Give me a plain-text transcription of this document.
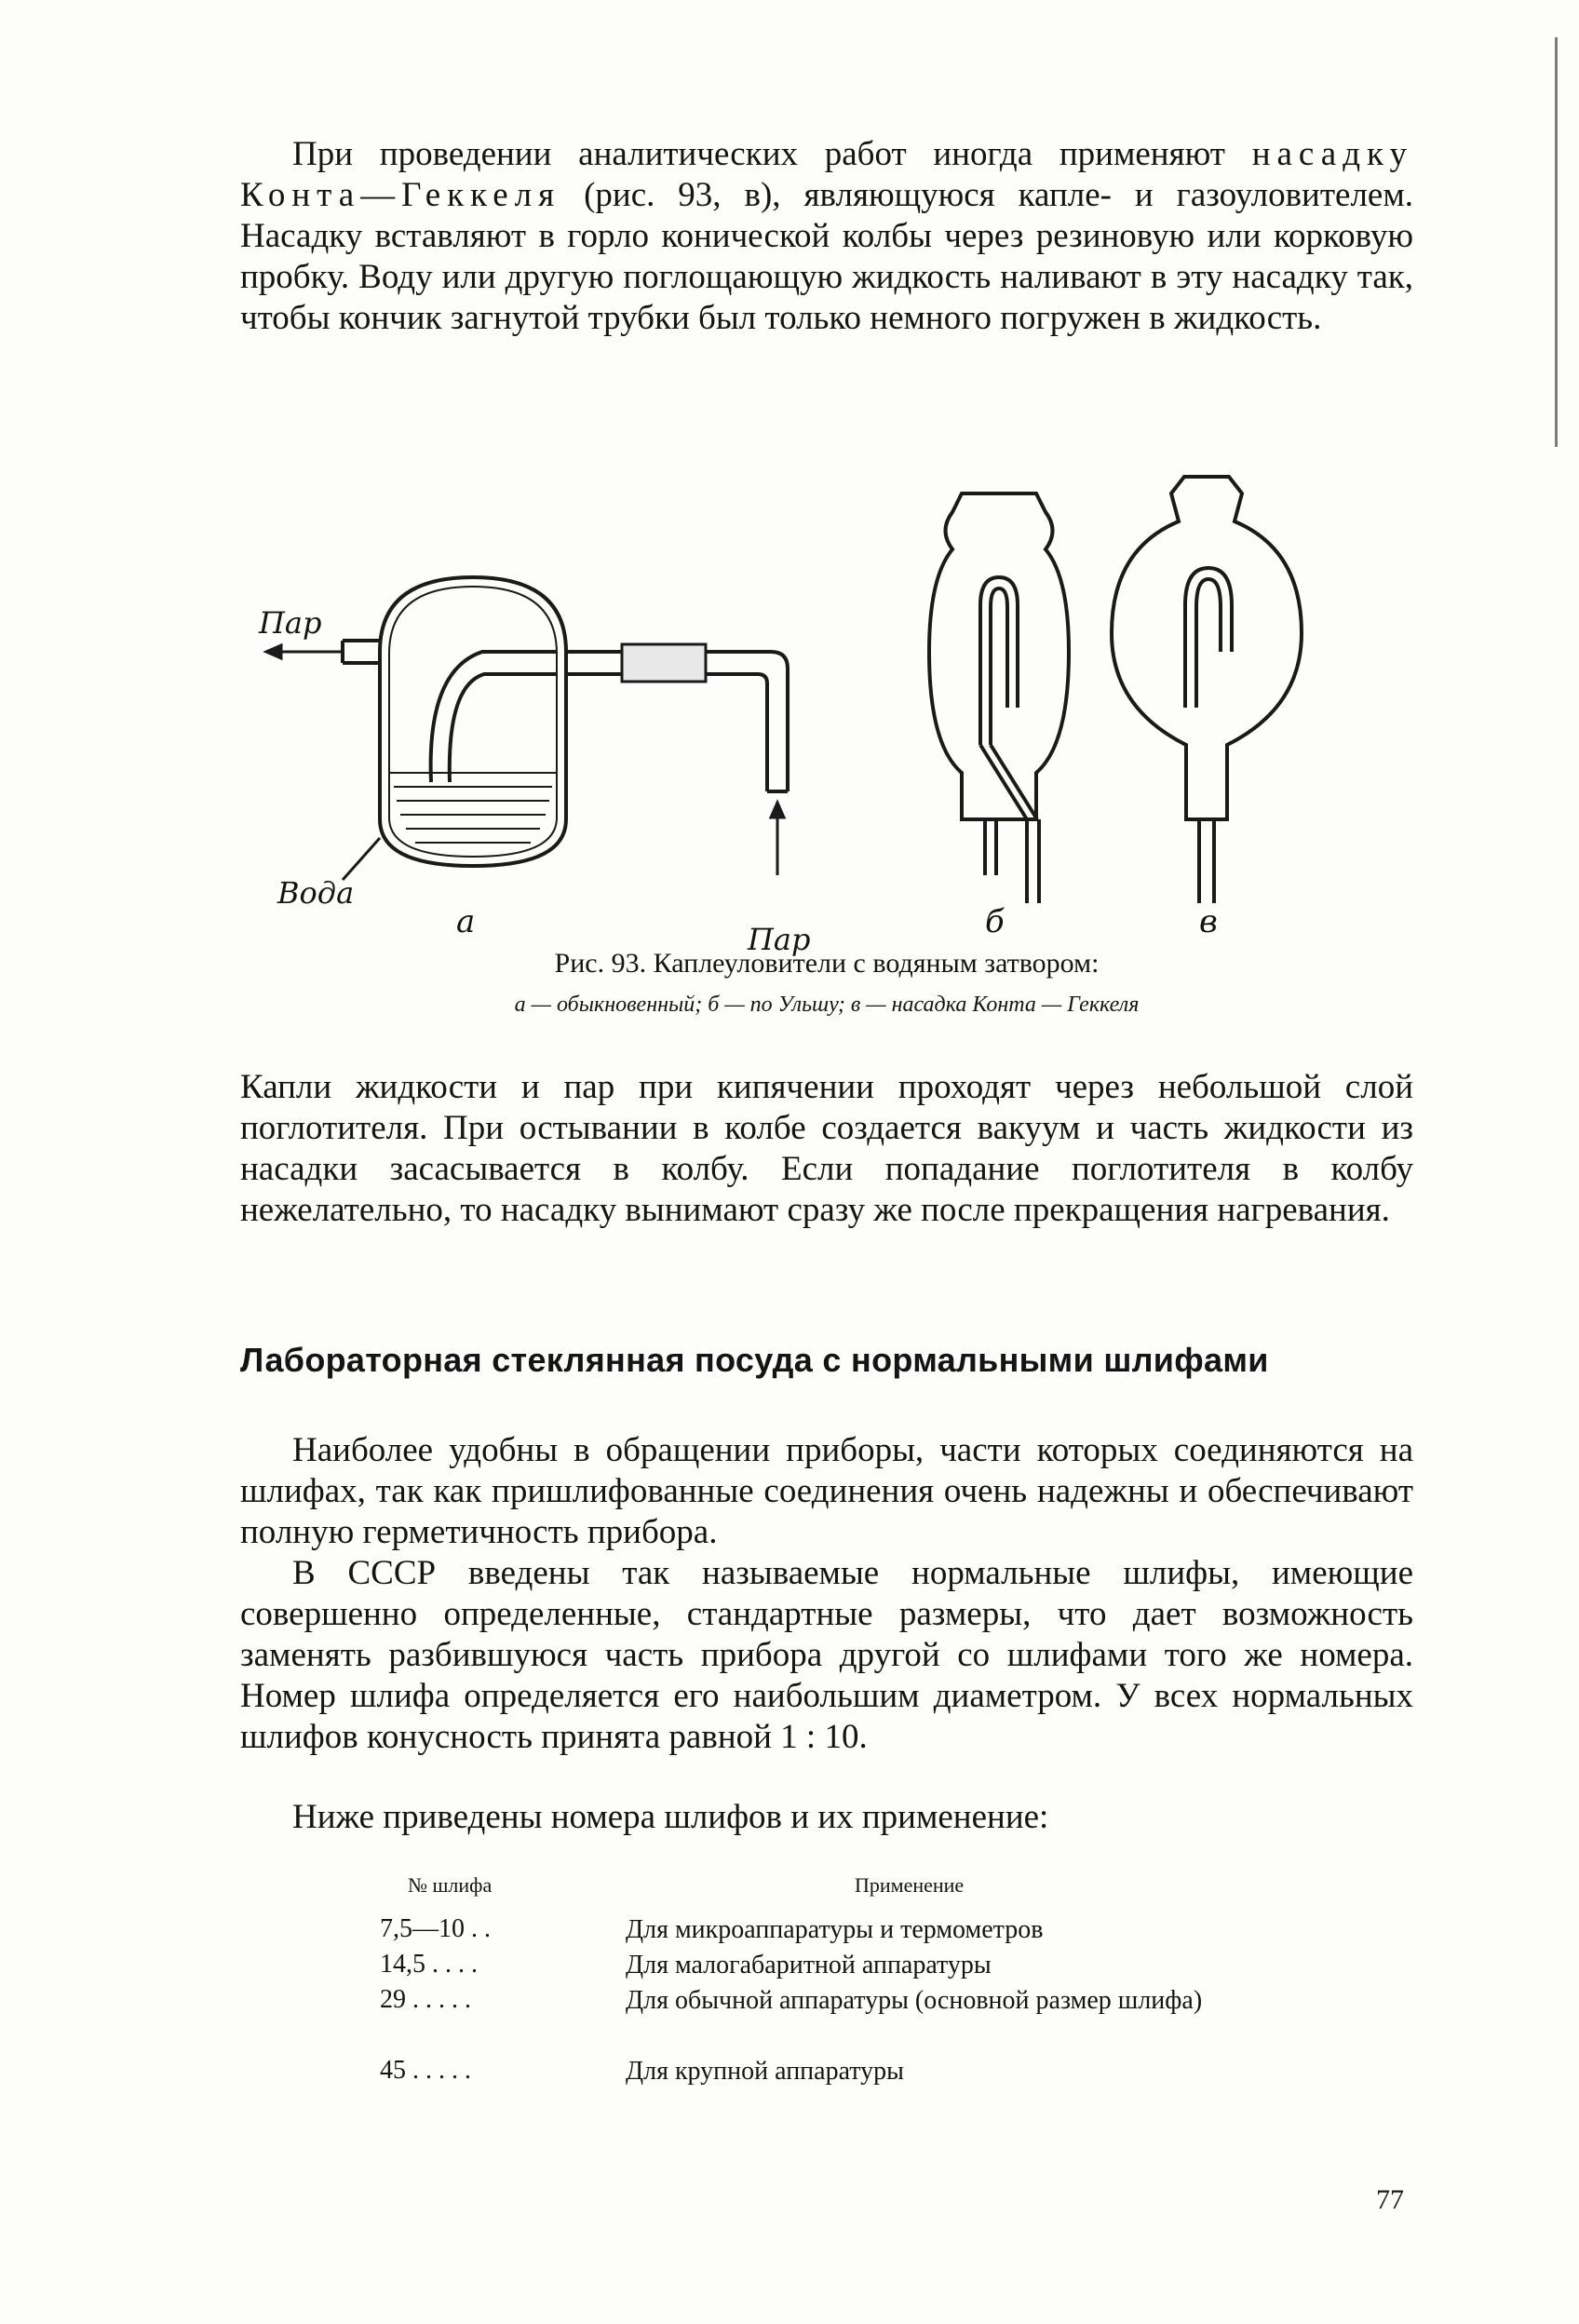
При проведении аналитических работ иногда применяют насадку Конта—Геккеля (рис. 93, в), являющуюся капле- и газоуловителем. Насадку вставляют в горло конической колбы через резиновую или корковую пробку. Воду или другую поглощающую жидкость наливают в эту насадку так, чтобы кончик загнутой трубки был только немного погружен в жидкость.

Пар
Вода
Пар
а	б	в
Рис. 93. Каплеуловители с водяным затвором:
а — обыкновенный; б — по Ульшу; в — насадка Конта — Геккеля

Капли жидкости и пар при кипячении проходят через небольшой слой поглотителя. При остывании в колбе создается вакуум и часть жидкости из насадки засасывается в колбу. Если попадание поглотителя в колбу нежелательно, то насадку вынимают сразу же после прекращения нагревания.

Лабораторная стеклянная посуда с нормальными шлифами

Наиболее удобны в обращении приборы, части которых соединяются на шлифах, так как пришлифованные соединения очень надежны и обеспечивают полную герметичность прибора.

В СССР введены так называемые нормальные шлифы, имеющие совершенно определенные, стандартные размеры, что дает возможность заменять разбившуюся часть прибора другой со шлифами того же номера. Номер шлифа определяется его наибольшим диаметром. У всех нормальных шлифов конусность принята равной 1 : 10.

Ниже приведены номера шлифов и их применение:

№ шлифа	Применение
7,5—10 . .	Для микроаппаратуры и термометров
14,5 . . . .	Для малогабаритной аппаратуры
29 . . . . .	Для обычной аппаратуры (основной размер шлифа)
45 . . . . .	Для крупной аппаратуры
77
